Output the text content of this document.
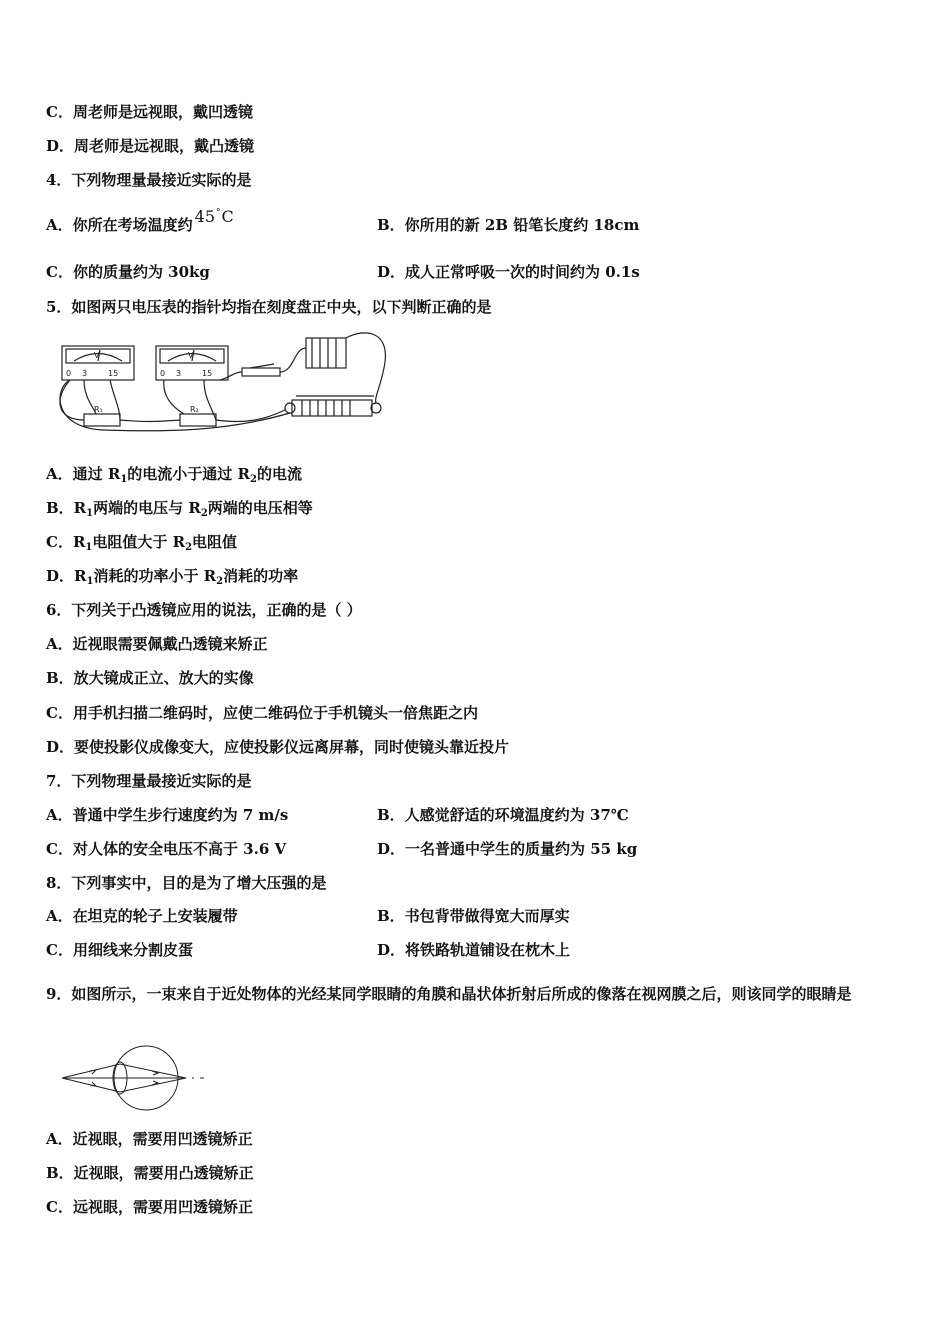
C．周老师是远视眼，戴凹透镜
D．周老师是远视眼，戴凸透镜
4．下列物理量最接近实际的是
A．你所在考场温度约 45°C	B．你所用的新 2B 铅笔长度约 18cm
C．你的质量约为 30kg	D．成人正常呼吸一次的时间约为 0.1s
5．如图两只电压表的指针均指在刻度盘正中央，以下判断正确的是
0 3	15
V
0 3	15
V
R₁	R₂
A．通过 $R_1$的电流小于通过 $R_2$的电流
B．$R_1$两端的电压与 $R_2$两端的电压相等
C．$R_1$电阻值大于 $R_2$电阻值
D．$R_1$消耗的功率小于 $R_2$消耗的功率
6．下列关于凸透镜应用的说法，正确的是（ ）
A．近视眼需要佩戴凸透镜来矫正
B．放大镜成正立、放大的实像
C．用手机扫描二维码时，应使二维码位于手机镜头一倍焦距之内
D．要使投影仪成像变大，应使投影仪远离屏幕，同时使镜头靠近投片
7．下列物理量最接近实际的是
A．普通中学生步行速度约为 7 m/s	B．人感觉舒适的环境温度约为 37℃
C．对人体的安全电压不高于 3.6 V	D．一名普通中学生的质量约为 55 kg
8．下列事实中，目的是为了增大压强的是
A．在坦克的轮子上安装履带	B．书包背带做得宽大而厚实
C．用细线来分割皮蛋	D．将铁路轨道铺设在枕木上
9．如图所示，一束来自于近处物体的光经某同学眼睛的角膜和晶状体折射后所成的像落在视网膜之后，则该同学的眼睛是
A．近视眼，需要用凹透镜矫正
B．近视眼，需要用凸透镜矫正
C．远视眼，需要用凹透镜矫正
